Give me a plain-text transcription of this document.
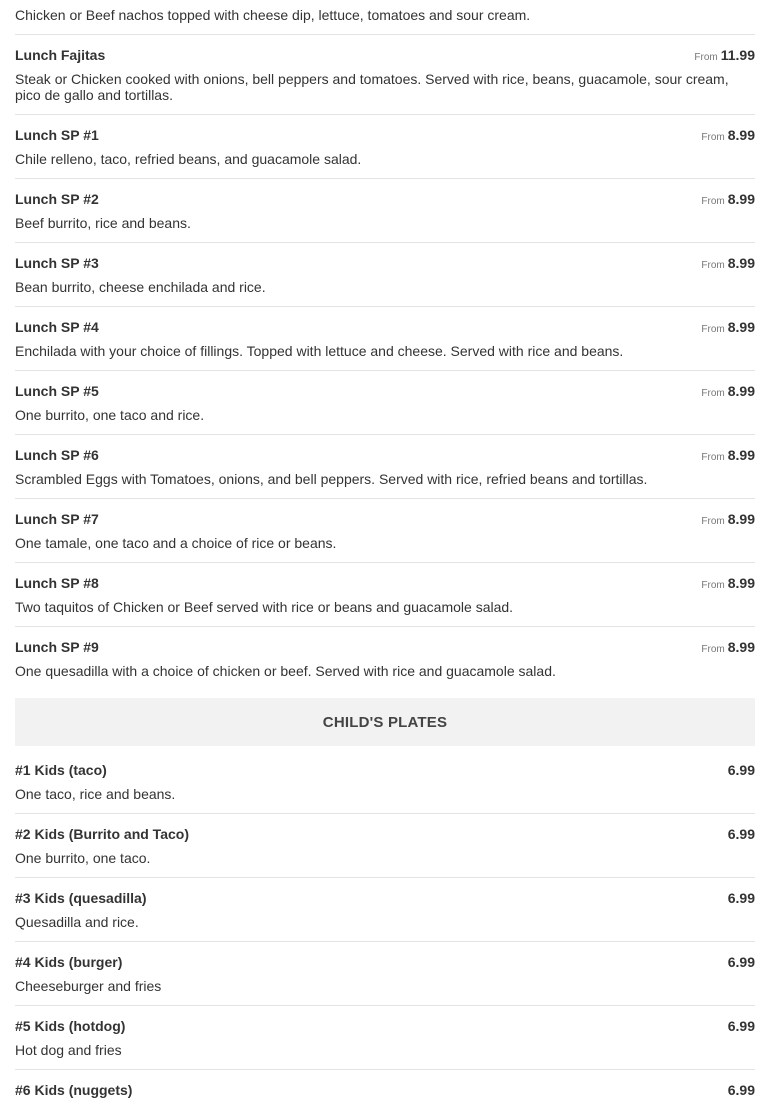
Chicken or Beef nachos topped with cheese dip, lettuce, tomatoes and sour cream.
Lunch Fajitas	From 11.99
Steak or Chicken cooked with onions, bell peppers and tomatoes. Served with rice, beans, guacamole, sour cream, pico de gallo and tortillas.
Lunch SP #1	From 8.99
Chile relleno, taco, refried beans, and guacamole salad.
Lunch SP #2	From 8.99
Beef burrito, rice and beans.
Lunch SP #3	From 8.99
Bean burrito, cheese enchilada and rice.
Lunch SP #4	From 8.99
Enchilada with your choice of fillings. Topped with lettuce and cheese. Served with rice and beans.
Lunch SP #5	From 8.99
One burrito, one taco and rice.
Lunch SP #6	From 8.99
Scrambled Eggs with Tomatoes, onions, and bell peppers. Served with rice, refried beans and tortillas.
Lunch SP #7	From 8.99
One tamale, one taco and a choice of rice or beans.
Lunch SP #8	From 8.99
Two taquitos of Chicken or Beef served with rice or beans and guacamole salad.
Lunch SP #9	From 8.99
One quesadilla with a choice of chicken or beef. Served with rice and guacamole salad.
CHILD'S PLATES
#1 Kids (taco)	6.99
One taco, rice and beans.
#2 Kids (Burrito and Taco)	6.99
One burrito, one taco.
#3 Kids (quesadilla)	6.99
Quesadilla and rice.
#4 Kids (burger)	6.99
Cheeseburger and fries
#5 Kids (hotdog)	6.99
Hot dog and fries
#6 Kids (nuggets)	6.99
